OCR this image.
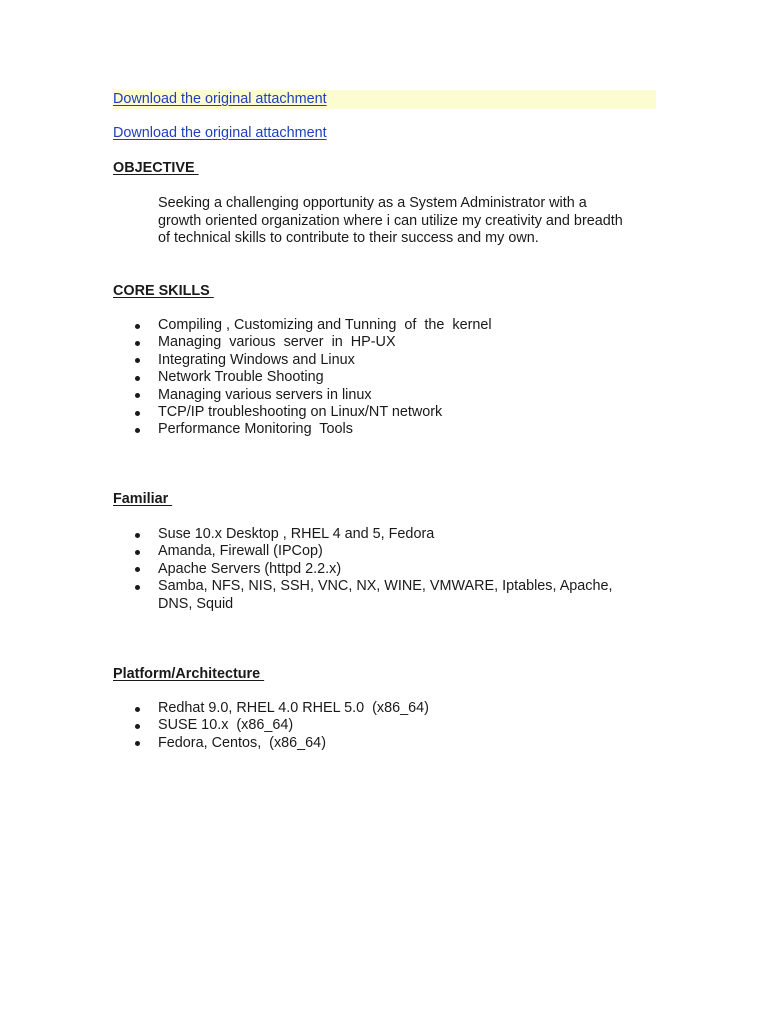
Download the original attachment
Download the original attachment
OBJECTIVE
Seeking a challenging opportunity as a System Administrator with a
growth oriented organization where i can utilize my creativity and breadth
of technical skills to contribute to their success and my own.
CORE SKILLS
Compiling , Customizing and Tunning  of  the  kernel
Managing  various  server  in  HP-UX
Integrating Windows and Linux
Network Trouble Shooting
Managing various servers in linux
TCP/IP troubleshooting on Linux/NT network
Performance Monitoring  Tools
Familiar
Suse 10.x Desktop , RHEL 4 and 5, Fedora
Amanda, Firewall (IPCop)
Apache Servers (httpd 2.2.x)
Samba, NFS, NIS, SSH, VNC, NX, WINE, VMWARE, Iptables, Apache,
DNS, Squid
Platform/Architecture
Redhat 9.0, RHEL 4.0 RHEL 5.0  (x86_64)
SUSE 10.x  (x86_64)
Fedora, Centos,  (x86_64)
